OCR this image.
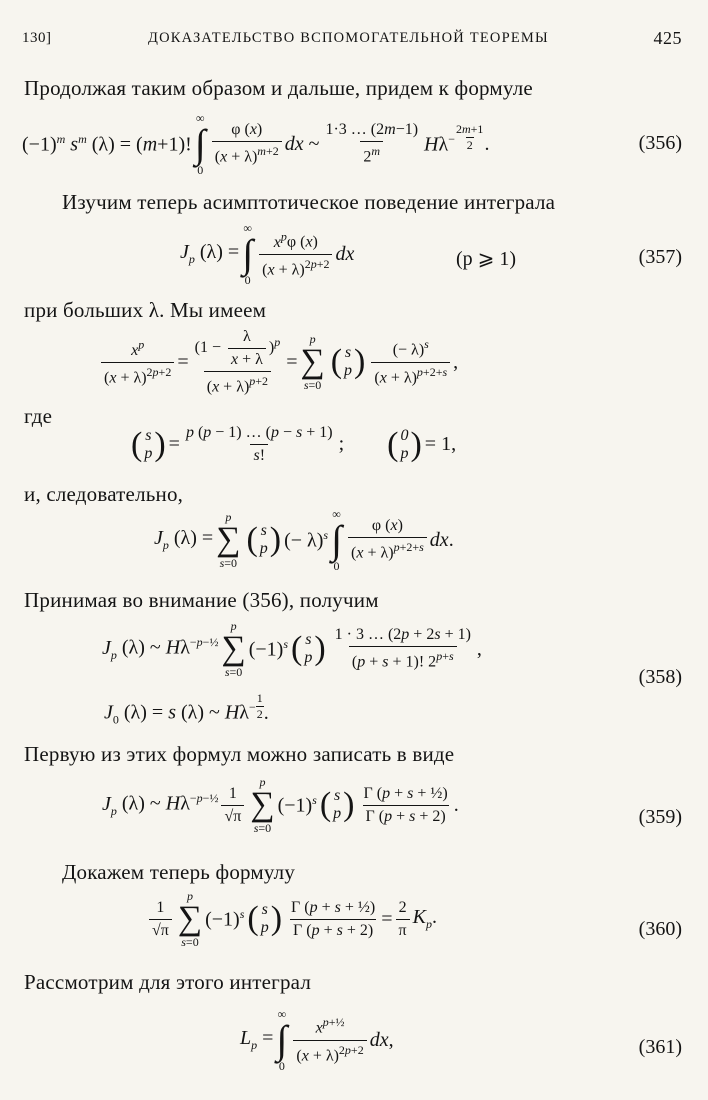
130]	ДОКАЗАТЕЛЬСТВО ВСПОМОГАТЕЛЬНОЙ ТЕОРЕМЫ	425
Продолжая таким образом и дальше, придем к формуле
$(-1)^m$ $s^m$ (λ) = (m+1)!
∞
∫
0
$\frac{\varphi (x)}{(x + \lambda)^{m+2}}$ dx ~ $\frac{1\cdot 3 \dots (2m-1)}{2^m} H\lambda^- \frac{2m+1}{2}$ .	(356)
Изучим теперь асимптотическое поведение интеграла
$J_p$ (λ) =
∞
∫
0
$\frac{x^p\varphi (x)}{(x + \lambda)^{2p+2}}$ dx	(p ⩾ 1)	(357)
при больших λ. Мы имеем
$\frac{x^p}{(x + \lambda)^{2p+2}} = \frac{(1 - \frac{\lambda}{x + \lambda} )^p}{(x + \lambda)^{p+2}}$ =
p
∑
s=0
( s
p ) $\frac{(- \lambda)^s}{(x + \lambda)^{p+2+s}}$ ,
где
( s
p ) = $\frac{p (p - 1) \dots (p - s + 1)}{s!}$ ; ( 0
p ) = 1,
и, следовательно,
$J_p$ (λ) =
p
∑
s=0
( s
p ) (− λ)$^s$
∞
∫
0
$\frac{\varphi (x)}{(x + \lambda)^{p+2+s}}$ dx.
Принимая во внимание (356), получим
$J_p$ (λ) ~ $H\lambda^{-p-\frac{1}{2}}$
p
∑
s=0
$(-1)^s$ ( s
p ) $\frac{1 \cdot 3 \dots (2p + 2s + 1)}{(p + s + 1)! 2^{p+s}}$ ,
$J_0$ (λ) = s (λ) ~ $H\lambda^- \frac{1}{2}$ .
(358)
Первую из этих формул можно записать в виде
$J_p$ (λ) ~ $H\lambda^{-p-\frac{1}{2}} \frac{1}{√\pi}$
p
∑
s=0
$(-1)^s$ ( s
p ) $\frac{\text{Γ (p + s + ½)}}{\Gamma (p + s + 2)}$ .
(359)
Докажем теперь формулу
$\frac{1}{√\pi}$
p
∑
s=0
$(-1)^s$ ( s
p ) $\frac{\text{Γ (p + s + ½)}}{\Gamma (p + s + 2)} = \frac{2}{\pi} K_p$.
(360)
Рассмотрим для этого интеграл
$L_p$ =
∞
∫
0
$\frac{x^{p+\frac{1}{2}}}{(x + \lambda)^{2p+2}}$ dx,	(361)
